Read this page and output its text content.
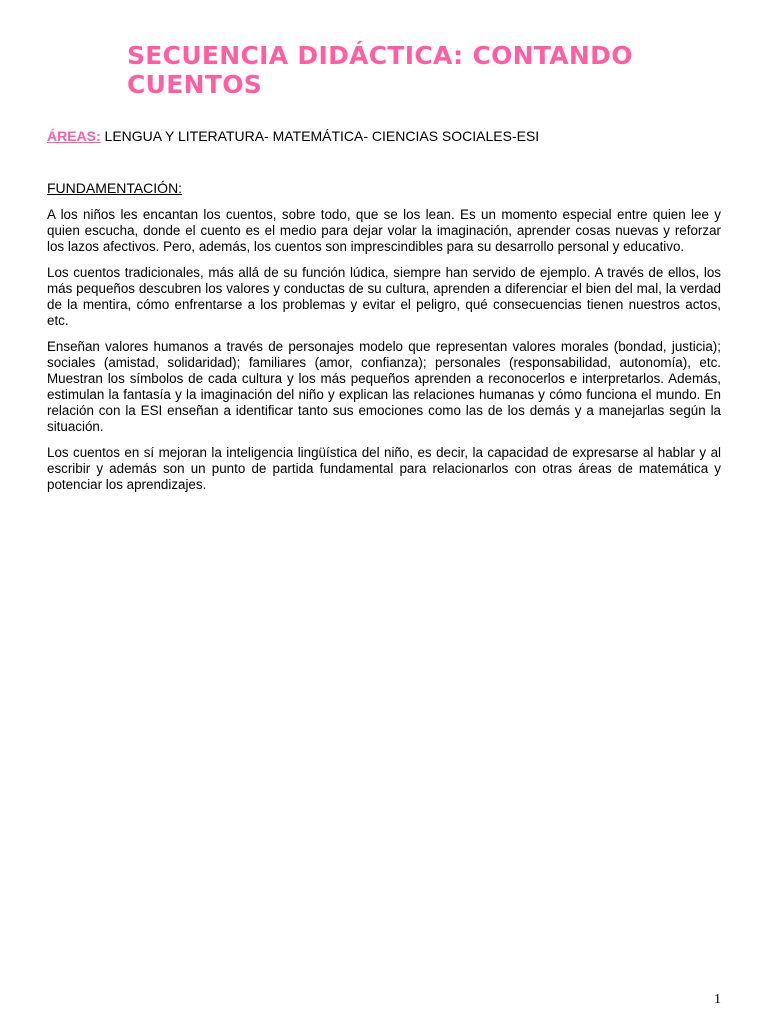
SECUENCIA DIDÁCTICA: CONTANDO CUENTOS

ÁREAS: LENGUA Y LITERATURA- MATEMÁTICA- CIENCIAS SOCIALES-ESI

FUNDAMENTACIÓN:

A los niños les encantan los cuentos, sobre todo, que se los lean. Es un momento especial entre quien lee y quien escucha, donde el cuento es el medio para dejar volar la imaginación, aprender cosas nuevas y reforzar los lazos afectivos. Pero, además, los cuentos son imprescindibles para su desarrollo personal y educativo.

Los cuentos tradicionales, más allá de su función lúdica, siempre han servido de ejemplo. A través de ellos, los más pequeños descubren los valores y conductas de su cultura, aprenden a diferenciar el bien del mal, la verdad de la mentira, cómo enfrentarse a los problemas y evitar el peligro, qué consecuencias tienen nuestros actos, etc.

Enseñan valores humanos a través de personajes modelo que representan valores morales (bondad, justicia); sociales (amistad, solidaridad); familiares (amor, confianza); personales (responsabilidad, autonomía), etc. Muestran los símbolos de cada cultura y los más pequeños aprenden a reconocerlos e interpretarlos. Además, estimulan la fantasía y la imaginación del niño y explican las relaciones humanas y cómo funciona el mundo. En relación con la ESI enseñan a identificar tanto sus emociones como las de los demás y a manejarlas según la situación.

Los cuentos en sí mejoran la inteligencia lingüística del niño, es decir, la capacidad de expresarse al hablar y al escribir y además son un punto de partida fundamental para relacionarlos con otras áreas de matemática y potenciar los aprendizajes.

1
